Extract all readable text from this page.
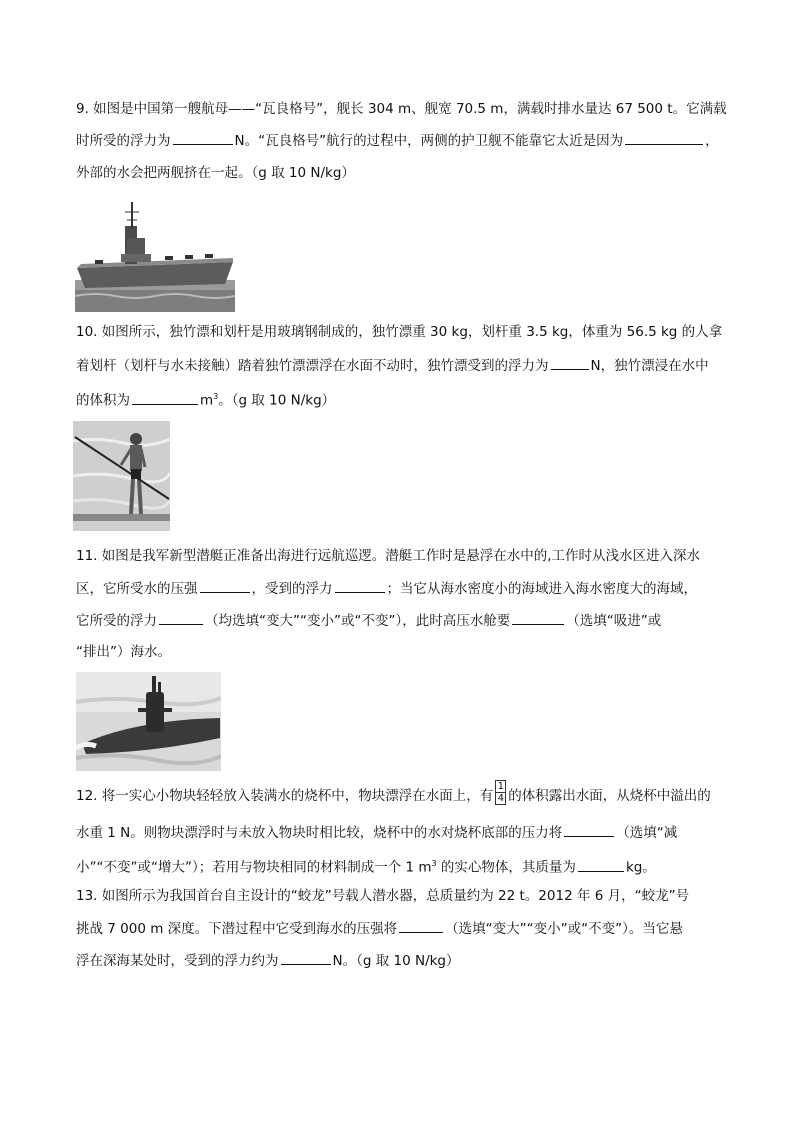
9. 如图是中国第一艘航母——“瓦良格号”，舰长 304 m、舰宽 70.5 m，满载时排水量达 67 500 t。它满载
时所受的浮力为	N。“瓦良格号”航行的过程中，两侧的护卫舰不能靠它太近是因为	，
外部的水会把两舰挤在一起。（g 取 10 N/kg）
10. 如图所示，独竹漂和划杆是用玻璃钢制成的，独竹漂重 30 kg，划杆重 3.5 kg，体重为 56.5 kg 的人拿
着划杆（划杆与水未接触）踏着独竹漂漂浮在水面不动时，独竹漂受到的浮力为	N，独竹漂浸在水中
的体积为	$m^3$。（g 取 10 N/kg）
11. 如图是我军新型潜艇正准备出海进行远航巡逻。潜艇工作时是悬浮在水中的,工作时从浅水区进入深水
区，它所受水的压强	，受到的浮力	；当它从海水密度小的海域进入海水密度大的海域，
它所受的浮力	（均选填“变大”“变小”或“不变”），此时高压水舱要	（选填“吸进”或
“排出”）海水。
12. 将一实心小物块轻轻放入装满水的烧杯中，物块漂浮在水面上，有 $\frac{1}{4}$ 的体积露出水面，从烧杯中溢出的
水重 1 N。则物块漂浮时与未放入物块时相比较，烧杯中的水对烧杯底部的压力将	（选填“减
小”“不变”或“增大”）；若用与物块相同的材料制成一个 1 $m^3$ 的实心物体，其质量为	kg。
13. 如图所示为我国首台自主设计的“蛟龙”号载人潜水器，总质量约为 22 t。2012 年 6 月，“蛟龙”号
挑战 7 000 m 深度。下潜过程中它受到海水的压强将	（选填“变大”“变小”或“不变”）。当它悬
浮在深海某处时，受到的浮力约为	N。（g 取 10 N/kg）
